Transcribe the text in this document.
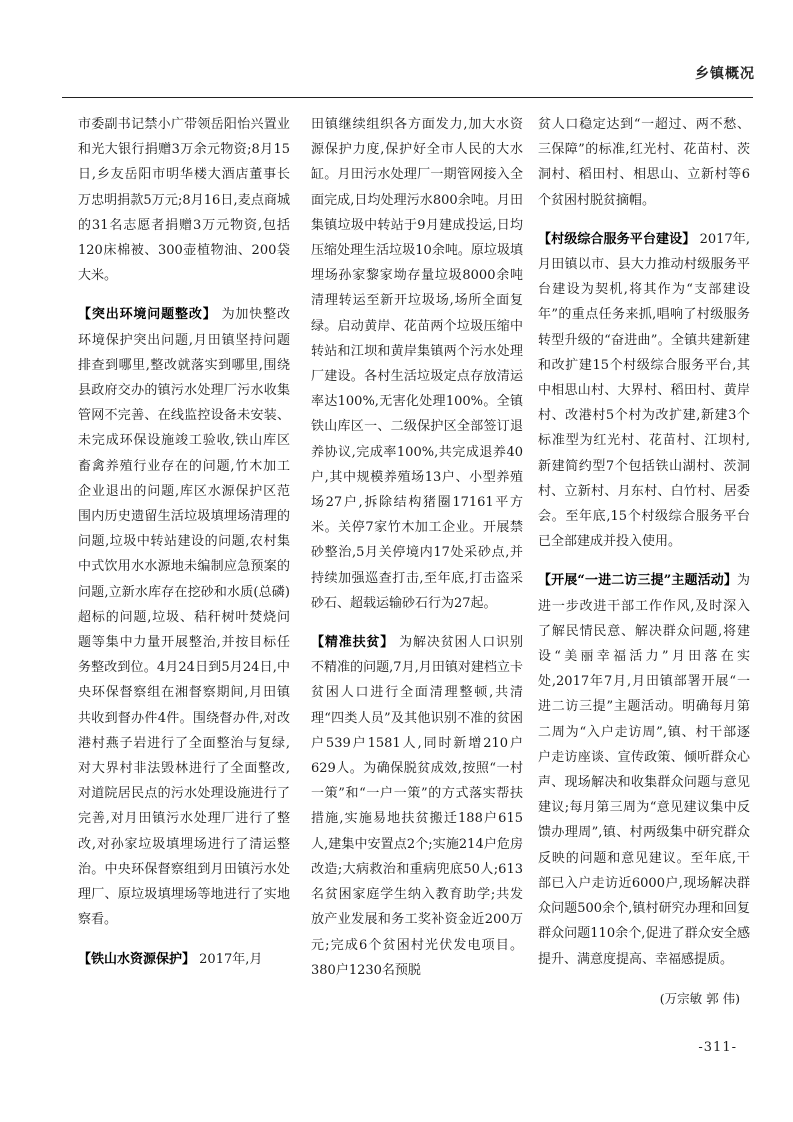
乡镇概况

市委副书记禁小广带领岳阳怡兴置业和光大银行捐赠3万余元物资;8月15日,乡友岳阳市明华楼大酒店董事长万忠明捐款5万元;8月16日,麦点商城的31名志愿者捐赠3万元物资,包括120床棉被、300壶植物油、200袋大米。

【突出环境问题整改】 为加快整改环境保护突出问题,月田镇坚持问题排查到哪里,整改就落实到哪里,围绕县政府交办的镇污水处理厂污水收集管网不完善、在线监控设备未安装、未完成环保设施竣工验收,铁山库区畜禽养殖行业存在的问题,竹木加工企业退出的问题,库区水源保护区范围内历史遗留生活垃圾填埋场清理的问题,垃圾中转站建设的问题,农村集中式饮用水水源地未编制应急预案的问题,立新水库存在挖砂和水质(总磷)超标的问题,垃圾、秸秆树叶焚烧问题等集中力量开展整治,并按目标任务整改到位。4月24日到5月24日,中央环保督察组在湘督察期间,月田镇共收到督办件4件。围绕督办件,对改港村燕子岩进行了全面整治与复绿,对大界村非法毁林进行了全面整改,对道院居民点的污水处理设施进行了完善,对月田镇污水处理厂进行了整改,对孙家垃圾填埋场进行了清运整治。中央环保督察组到月田镇污水处理厂、原垃圾填埋场等地进行了实地察看。

【铁山水资源保护】 2017年,月

田镇继续组织各方面发力,加大水资源保护力度,保护好全市人民的大水缸。月田污水处理厂一期管网接入全面完成,日均处理污水800余吨。月田集镇垃圾中转站于9月建成投运,日均压缩处理生活垃圾10余吨。原垃圾填埋场孙家黎家坳存量垃圾8000余吨清理转运至新开垃圾场,场所全面复绿。启动黄岸、花苗两个垃圾压缩中转站和江坝和黄岸集镇两个污水处理厂建设。各村生活垃圾定点存放清运率达100%,无害化处理100%。全镇铁山库区一、二级保护区全部签订退养协议,完成率100%,共完成退养40户,其中规模养殖场13户、小型养殖场27户,拆除结构猪圈17161平方米。关停7家竹木加工企业。开展禁砂整治,5月关停境内17处采砂点,并持续加强巡查打击,至年底,打击盗采砂石、超载运输砂石行为27起。

【精准扶贫】 为解决贫困人口识别不精准的问题,7月,月田镇对建档立卡贫困人口进行全面清理整顿,共清理“四类人员”及其他识别不准的贫困户539户1581人,同时新增210户629人。为确保脱贫成效,按照“一村一策”和“一户一策”的方式落实帮扶措施,实施易地扶贫搬迁188户615人,建集中安置点2个;实施214户危房改造;大病救治和重病兜底50人;613名贫困家庭学生纳入教育助学;共发放产业发展和务工奖补资金近200万元;完成6个贫困村光伏发电项目。380户1230名预脱

贫人口稳定达到“一超过、两不愁、三保障”的标准,红光村、花苗村、茨洞村、稻田村、相思山、立新村等6个贫困村脱贫摘帽。

【村级综合服务平台建设】 2017年,月田镇以市、县大力推动村级服务平台建设为契机,将其作为“支部建设年”的重点任务来抓,唱响了村级服务转型升级的“奋进曲”。全镇共建新建和改扩建15个村级综合服务平台,其中相思山村、大界村、稻田村、黄岸村、改港村5个村为改扩建,新建3个标准型为红光村、花苗村、江坝村,新建简约型7个包括铁山湖村、茨洞村、立新村、月东村、白竹村、居委会。至年底,15个村级综合服务平台已全部建成并投入使用。

【开展“一进二访三提”主题活动】为进一步改进干部工作作风,及时深入了解民情民意、解决群众问题,将建设“美丽幸福活力”月田落在实处,2017年7月,月田镇部署开展“一进二访三提”主题活动。明确每月第二周为“入户走访周”,镇、村干部逐户走访座谈、宣传政策、倾听群众心声、现场解决和收集群众问题与意见建议;每月第三周为“意见建议集中反馈办理周”,镇、村两级集中研究群众反映的问题和意见建议。至年底,干部已入户走访近6000户,现场解决群众问题500余个,镇村研究办理和回复群众问题110余个,促进了群众安全感提升、满意度提高、幸福感提质。

(万宗敏 郭 伟)

-311-
